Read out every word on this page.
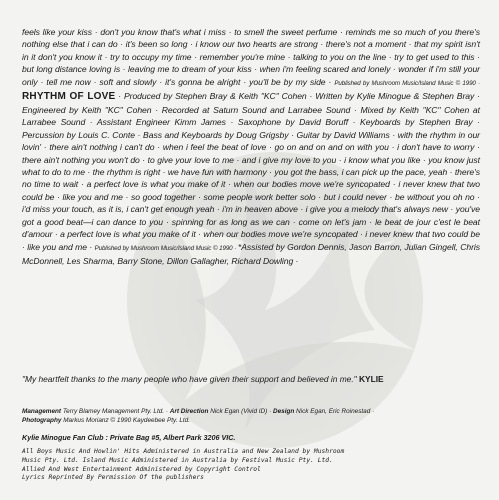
feels like your kiss · don't you know that's what i miss · to smell the sweet perfume · reminds me so much of you there's nothing else that i can do · it's been so long · i know our two hearts are strong · there's not a moment · that my spirit isn't in it don't you know it · try to occupy my time · remember you're mine · talking to you on the line · try to get used to this · but long distance loving is · leaving me to dream of your kiss · when i'm feeling scared and lonely · wonder if i'm still your only · tell me now · soft and slowly · it's gonna be alright · you'll be by my side · Published by Mushroom Music/Island Music © 1990 · RHYTHM OF LOVE · Produced by Stephen Bray & Keith "KC" Cohen · Written by Kylie Minogue & Stephen Bray · Engineered by Keith "KC" Cohen · Recorded at Saturn Sound and Larrabee Sound · Mixed by Keith "KC" Cohen at Larrabee Sound · Assistant Engineer Kimm James · Saxophone by David Boruff · Keyboards by Stephen Bray · Percussion by Louis C. Conte · Bass and Keyboards by Doug Grigsby · Guitar by David Williams · with the rhythm in our lovin' · there ain't nothing i can't do · when i feel the beat of love · go on and on and on with you · i don't have to worry · there ain't nothing you won't do · to give your love to me · and i give my love to you · i know what you like · you know just what to do to me · the rhythm is right · we have fun with harmony · you got the bass, i can pick up the pace, yeah · there's no time to wait · a perfect love is what you make of it · when our bodies move we're syncopated · i never knew that two could be · like you and me · so good together · some people work better solo · but i could never · be without you oh no · i'd miss your touch, as it is, i can't get enough yeah · i'm in heaven above · i give you a melody that's always new · you've got a good beat—i can dance to you · spinning for as long as we can · come on let's jam · le beat de jour c'est le beat d'amour · a perfect love is what you make of it · when our bodies move we're syncopated · i never knew that two could be · like you and me · Published by Mushroom Music/Island Music © 1990 · *Assisted by Gordon Dennis, Jason Barron, Julian Gingell, Chris McDonnell, Les Sharma, Barry Stone, Dillon Gallagher, Richard Dowling ·

"My heartfelt thanks to the many people who have given their support and believed in me." KYLIE

Management Terry Blamey Management Pty. Ltd. · Art Direction Nick Egan (Vivid ID) · Design Nick Egan, Eric Roinestad ·
Photography Markus Morianz © 1990 Kaydeebee Pty. Ltd.

Kylie Minogue Fan Club : Private Bag #5, Albert Park 3206 VIC.

All Boys Music And Howlin' Hits Administered in Australia and New Zealand by Mushroom
Music Pty. Ltd. Island Music Administered in Australia by Festival Music Pty. Ltd.
Allied And West Entertainment Administered by Copyright Control
Lyrics Reprinted By Permission Of the publishers
